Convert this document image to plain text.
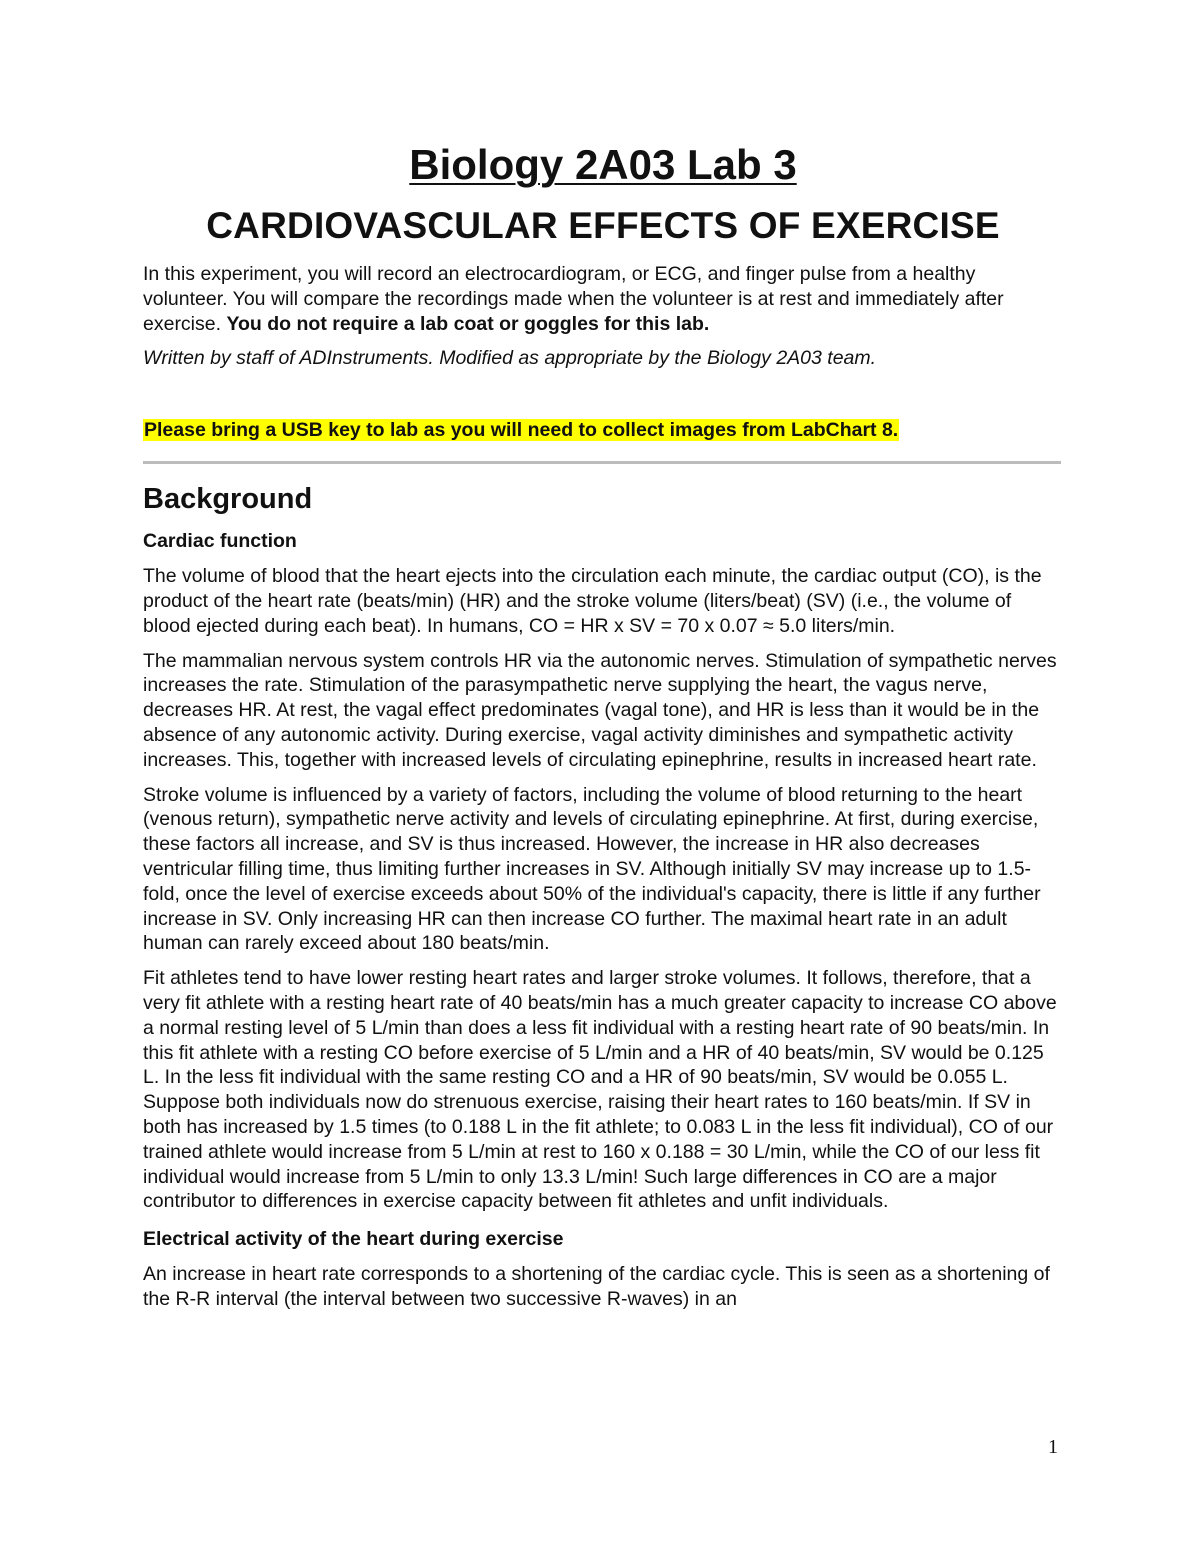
Biology 2A03 Lab 3
CARDIOVASCULAR EFFECTS OF EXERCISE

In this experiment, you will record an electrocardiogram, or ECG, and finger pulse from a healthy volunteer. You will compare the recordings made when the volunteer is at rest and immediately after exercise. You do not require a lab coat or goggles for this lab.

Written by staff of ADInstruments. Modified as appropriate by the Biology 2A03 team.

Please bring a USB key to lab as you will need to collect images from LabChart 8.
Background
Cardiac function

The volume of blood that the heart ejects into the circulation each minute, the cardiac output (CO), is the product of the heart rate (beats/min) (HR) and the stroke volume (liters/beat) (SV) (i.e., the volume of blood ejected during each beat). In humans, CO = HR x SV = 70 x 0.07 ≈ 5.0 liters/min.

The mammalian nervous system controls HR via the autonomic nerves. Stimulation of sympathetic nerves increases the rate. Stimulation of the parasympathetic nerve supplying the heart, the vagus nerve, decreases HR. At rest, the vagal effect predominates (vagal tone), and HR is less than it would be in the absence of any autonomic activity. During exercise, vagal activity diminishes and sympathetic activity increases. This, together with increased levels of circulating epinephrine, results in increased heart rate.

Stroke volume is influenced by a variety of factors, including the volume of blood returning to the heart (venous return), sympathetic nerve activity and levels of circulating epinephrine. At first, during exercise, these factors all increase, and SV is thus increased. However, the increase in HR also decreases ventricular filling time, thus limiting further increases in SV. Although initially SV may increase up to 1.5-fold, once the level of exercise exceeds about 50% of the individual's capacity, there is little if any further increase in SV. Only increasing HR can then increase CO further. The maximal heart rate in an adult human can rarely exceed about 180 beats/min.

Fit athletes tend to have lower resting heart rates and larger stroke volumes. It follows, therefore, that a very fit athlete with a resting heart rate of 40 beats/min has a much greater capacity to increase CO above a normal resting level of 5 L/min than does a less fit individual with a resting heart rate of 90 beats/min. In this fit athlete with a resting CO before exercise of 5 L/min and a HR of 40 beats/min, SV would be 0.125 L. In the less fit individual with the same resting CO and a HR of 90 beats/min, SV would be 0.055 L. Suppose both individuals now do strenuous exercise, raising their heart rates to 160 beats/min. If SV in both has increased by 1.5 times (to 0.188 L in the fit athlete; to 0.083 L in the less fit individual), CO of our trained athlete would increase from 5 L/min at rest to 160 x 0.188 = 30 L/min, while the CO of our less fit individual would increase from 5 L/min to only 13.3 L/min! Such large differences in CO are a major contributor to differences in exercise capacity between fit athletes and unfit individuals.

Electrical activity of the heart during exercise

An increase in heart rate corresponds to a shortening of the cardiac cycle. This is seen as a shortening of the R-R interval (the interval between two successive R-waves) in an

1
